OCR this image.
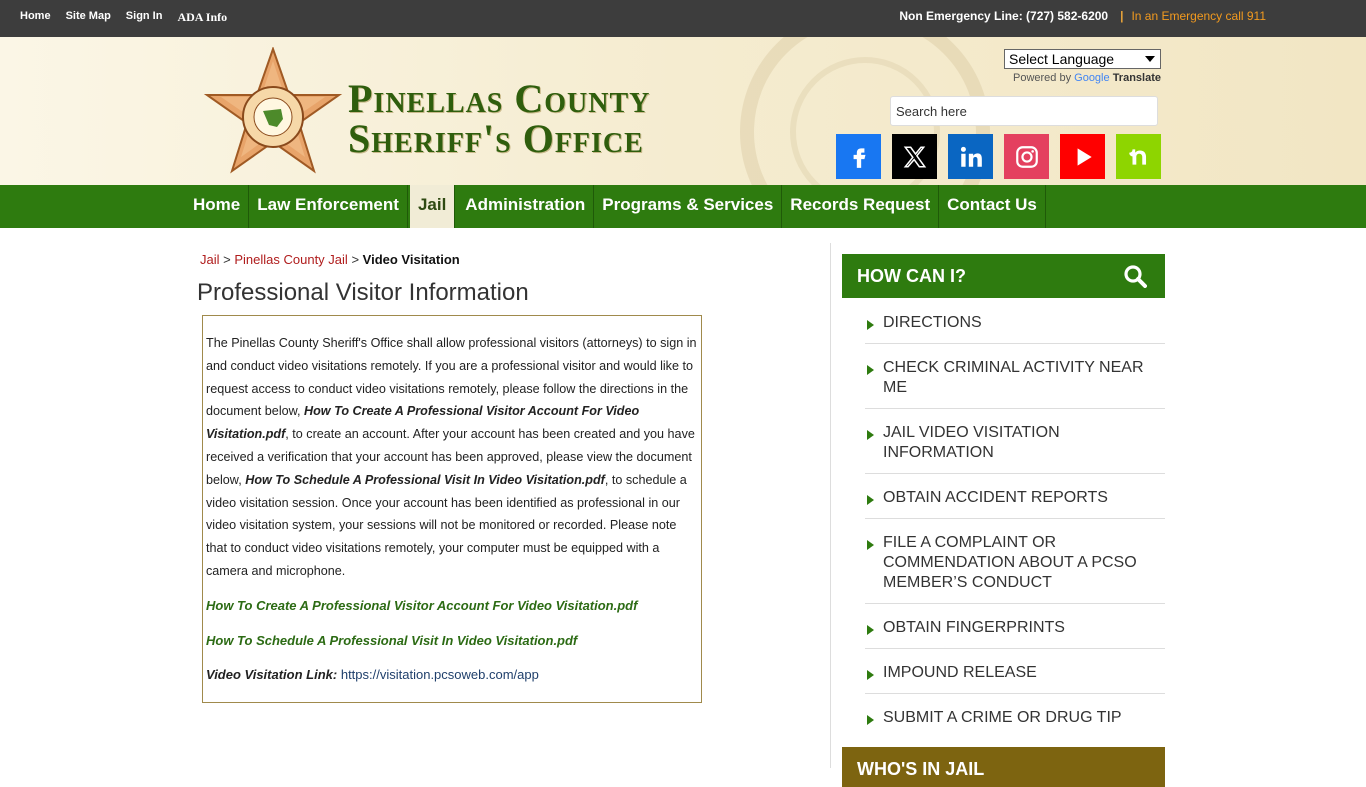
Home Site Map Sign In ADA Info	Non Emergency Line: (727) 582-6200 | In an Emergency call 911
Pinellas County
Sheriff's Office
Select Language
Powered by Google Translate
Search here
Home	Law Enforcement	Jail	Administration	Programs & Services	Records Request	Contact Us
Jail > Pinellas County Jail > Video Visitation
Professional Visitor Information

The Pinellas County Sheriff's Office shall allow professional visitors (attorneys) to sign in and conduct video visitations remotely. If you are a professional visitor and would like to request access to conduct video visitations remotely, please follow the directions in the document below, How To Create A Professional Visitor Account For Video Visitation.pdf, to create an account. After your account has been created and you have received a verification that your account has been approved, please view the document below, How To Schedule A Professional Visit In Video Visitation.pdf, to schedule a video visitation session. Once your account has been identified as professional in our video visitation system, your sessions will not be monitored or recorded. Please note that to conduct video visitations remotely, your computer must be equipped with a camera and microphone.

How To Create A Professional Visitor Account For Video Visitation.pdf
How To Schedule A Professional Visit In Video Visitation.pdf
Video Visitation Link: https://visitation.pcsoweb.com/app
HOW CAN I?
DIRECTIONS
CHECK CRIMINAL ACTIVITY NEAR ME
JAIL VIDEO VISITATION INFORMATION
OBTAIN ACCIDENT REPORTS
FILE A COMPLAINT OR COMMENDATION ABOUT A PCSO MEMBER’S CONDUCT
OBTAIN FINGERPRINTS
IMPOUND RELEASE
SUBMIT A CRIME OR DRUG TIP
WHO'S IN JAIL
